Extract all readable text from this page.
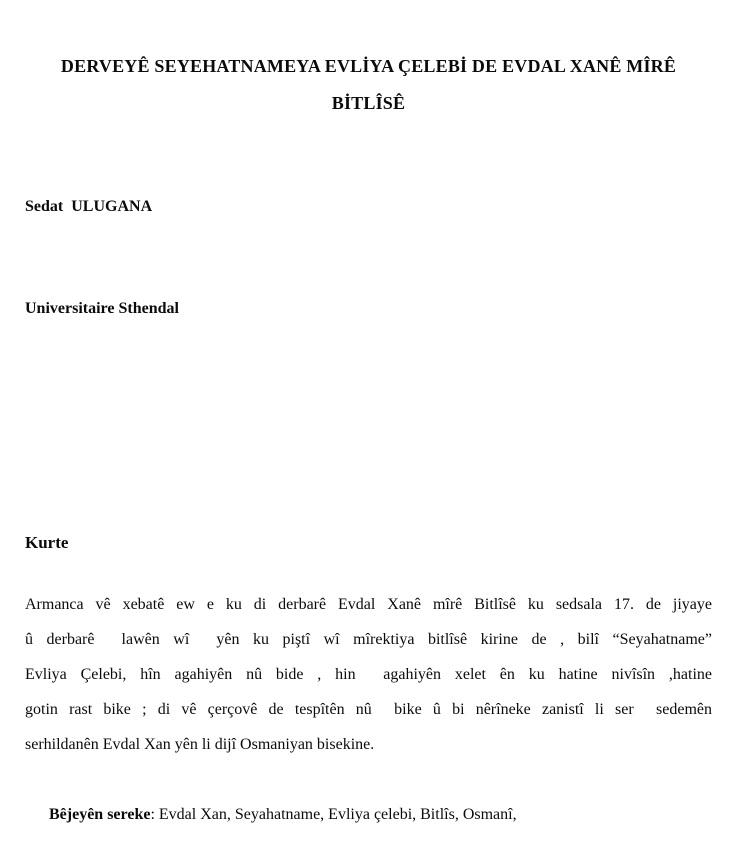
DERVEYÊ SEYEHATNAMEYA EVLİYA ÇELEBİ DE EVDAL XANÊ MÎRÊ
BİTLÎSÊ

Sedat  ULUGANA

Universitaire Sthendal

Kurte
Armanca vê xebatê ew e ku di derbarê Evdal Xanê mîrê Bitlîsê ku sedsala 17. de jiyaye
û derbarê  lawên wî  yên ku piştî wî mîrektiya bitlîsê kirine de , bilî “Seyahatname”
Evliya Çelebi, hîn agahiyên nû bide , hin  agahiyên xelet ên ku hatine nivîsîn ,hatine
gotin rast bike ; di vê çerçovê de tespîtên nû  bike û bi nêrîneke zanistî li ser  sedemên
serhildanên Evdal Xan yên li dijî Osmaniyan bisekine.

Bêjeyên sereke: Evdal Xan, Seyahatname, Evliya çelebi, Bitlîs, Osmanî,
